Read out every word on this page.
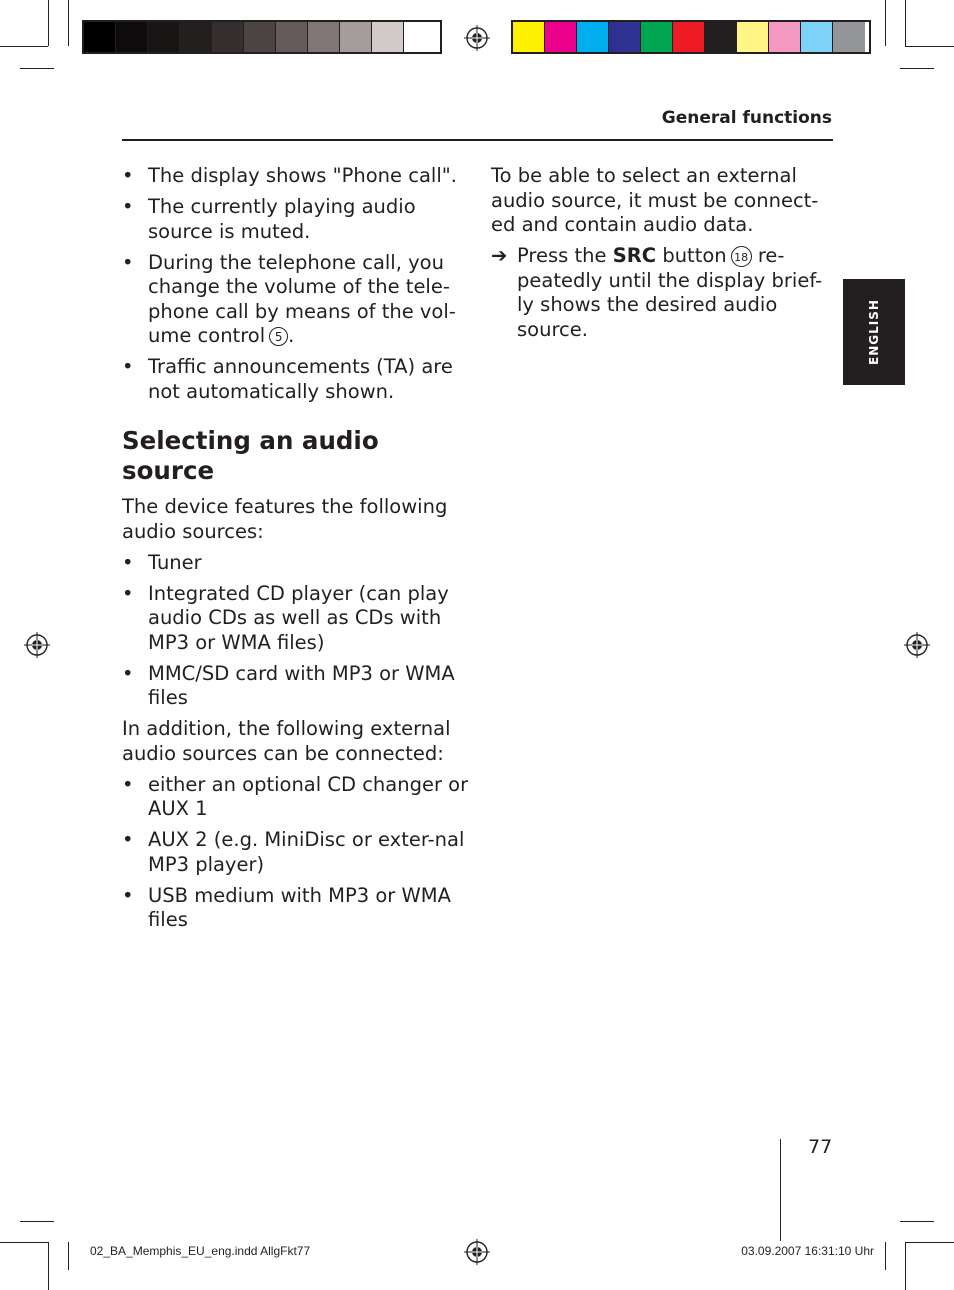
General functions
ENGLISH
• The display shows "Phone call".
• The currently playing audio source is muted.
• During the telephone call, you change the volume of the tele-phone call by means of the vol-ume control 5 .
• Traffic announcements (TA) are not automatically shown.
Selecting an audio source

The device features the following audio sources:

• Tuner
• Integrated CD player (can play audio CDs as well as CDs with MP3 or WMA files)
• MMC/SD card with MP3 or WMA files

In addition, the following external audio sources can be connected:

• either an optional CD changer or AUX 1
• AUX 2 (e.g. MiniDisc or exter-nal MP3 player)
• USB medium with MP3 or WMA files

To be able to select an external audio source, it must be connect-ed and contain audio data.

➔ Press the SRC button 18 re-peatedly until the display brief-ly shows the desired audio source.
77
02_BA_Memphis_EU_eng.indd AllgFkt77	03.09.2007 16:31:10 Uhr
